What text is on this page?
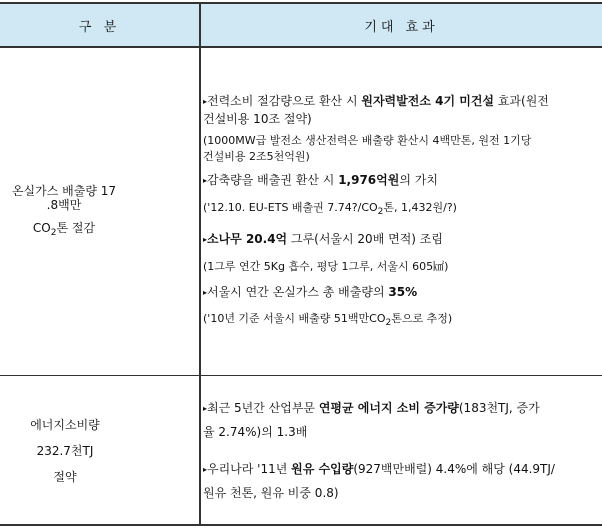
구 분	기대 효과
온실가스 배출량 17
.8백만
$CO_2$톤 절감
▸전력소비 절감량으로 환산 시 원자력발전소 4기 미건설 효과(원전
건설비용 10조 절약)
(1000MW급 발전소 생산전력은 배출량 환산시 4백만톤, 원전 1기당
건설비용 2조5천억원)
▸감축량을 배출권 환산 시 1,976억원의 가치
('12.10. EU-ETS 배출권 $7.74?/CO_2$톤, 1,432원/?)
▸소나무 20.4억 그루(서울시 20배 면적) 조림
(1그루 연간 5Kg 흡수, 평당 1그루, 서울시 605㎢)
▸서울시 연간 온실가스 총 배출량의 35%
('10년 기준 서울시 배출량 51백만$CO_2$톤으로 추정)
에너지소비량
232.7천TJ
절약
▸최근 5년간 산업부문 연평균 에너지 소비 증가량(183천TJ, 증가
율 2.74%)의 1.3배
▸우리나라 '11년 원유 수입량(927백만배럴) 4.4%에 해당 (44.9TJ/
원유 천톤, 원유 비중 0.8)
